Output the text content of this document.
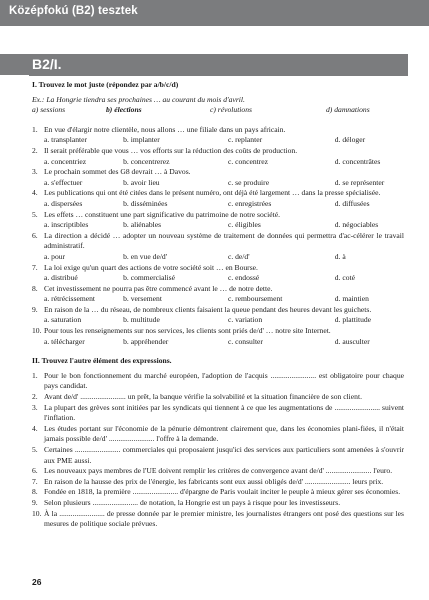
Középfokú (B2) tesztek
B2/I.

I. Trouvez le mot juste (répondez par a/b/c/d)

Ex.: La Hongrie tiendra ses prochaines … au courant du mois d'avril.

a) sessions	b) élections	c) révolutions	d) damnations
1. En vue d'élargir notre clientèle, nous allons … une filiale dans un pays africain.
a. transplanter	b. implanter	c. replanter	d. déloger
2. Il serait préférable que vous … vos efforts sur la réduction des coûts de production.
a. concentriez	b. concentrerez	c. concentrez	d. concentrâtes
3. Le prochain sommet des G8 devrait … à Davos.
a. s'effectuer	b. avoir lieu	c. se produire	d. se représenter
4. Les publications qui ont été citées dans le présent numéro, ont déjà été largement … dans la presse spécialisée.
a. dispersées	b. disséminées	c. enregistrées	d. diffusées
5. Les effets … constituent une part significative du patrimoine de notre société.
a. inscriptibles	b. aliénables	c. éligibles	d. négociables
6. La direction a décidé … adopter un nouveau système de traitement de données qui permettra d'ac-célérer le travail administratif.
a. pour	b. en vue de/d'	c. de/d'	d. à
7. La loi exige qu'un quart des actions de votre société soit … en Bourse.
a. distribué	b. commercialisé	c. endossé	d. coté
8. Cet investissement ne pourra pas être commencé avant le … de notre dette.
a. rétrécissement	b. versement	c. remboursement	d. maintien
9. En raison de la … du réseau, de nombreux clients faisaient la queue pendant des heures devant les guichets.
a. saturation	b. multitude	c. variation	d. plattitude
10. Pour tous les renseignements sur nos services, les clients sont priés de/d' … notre site Internet.
a. télécharger	b. appréhender	c. consulter	d. ausculter

II. Trouvez l'autre élément des expressions.

1. Pour le bon fonctionnement du marché européen, l'adoption de l'acquis ........................ est obligatoire pour chaque pays candidat.
2. Avant de/d' ........................ un prêt, la banque vérifie la solvabilité et la situation financière de son client.
3. La plupart des grèves sont initiées par les syndicats qui tiennent à ce que les augmentations de ........................ suivent l'inflation.
4. Les études portant sur l'économie de la pénurie démontrent clairement que, dans les économies plani-fiées, il n'était jamais possible de/d' ........................ l'offre à la demande.
5. Certaines ........................ commerciales qui proposaient jusqu'ici des services aux particuliers sont amenées à s'ouvrir aux PME aussi.
6. Les nouveaux pays membres de l'UE doivent remplir les critères de convergence avant de/d' ........................ l'euro.
7. En raison de la hausse des prix de l'énergie, les fabricants sont eux aussi obligés de/d' ........................ leurs prix.
8. Fondée en 1818, la première ........................ d'épargne de Paris voulait inciter le peuple à mieux gérer ses économies.
9. Selon plusieurs ........................ de notation, la Hongrie est un pays à risque pour les investisseurs.
10. À la ........................ de presse donnée par le premier ministre, les journalistes étrangers ont posé des questions sur les mesures de politique sociale prévues.
26
